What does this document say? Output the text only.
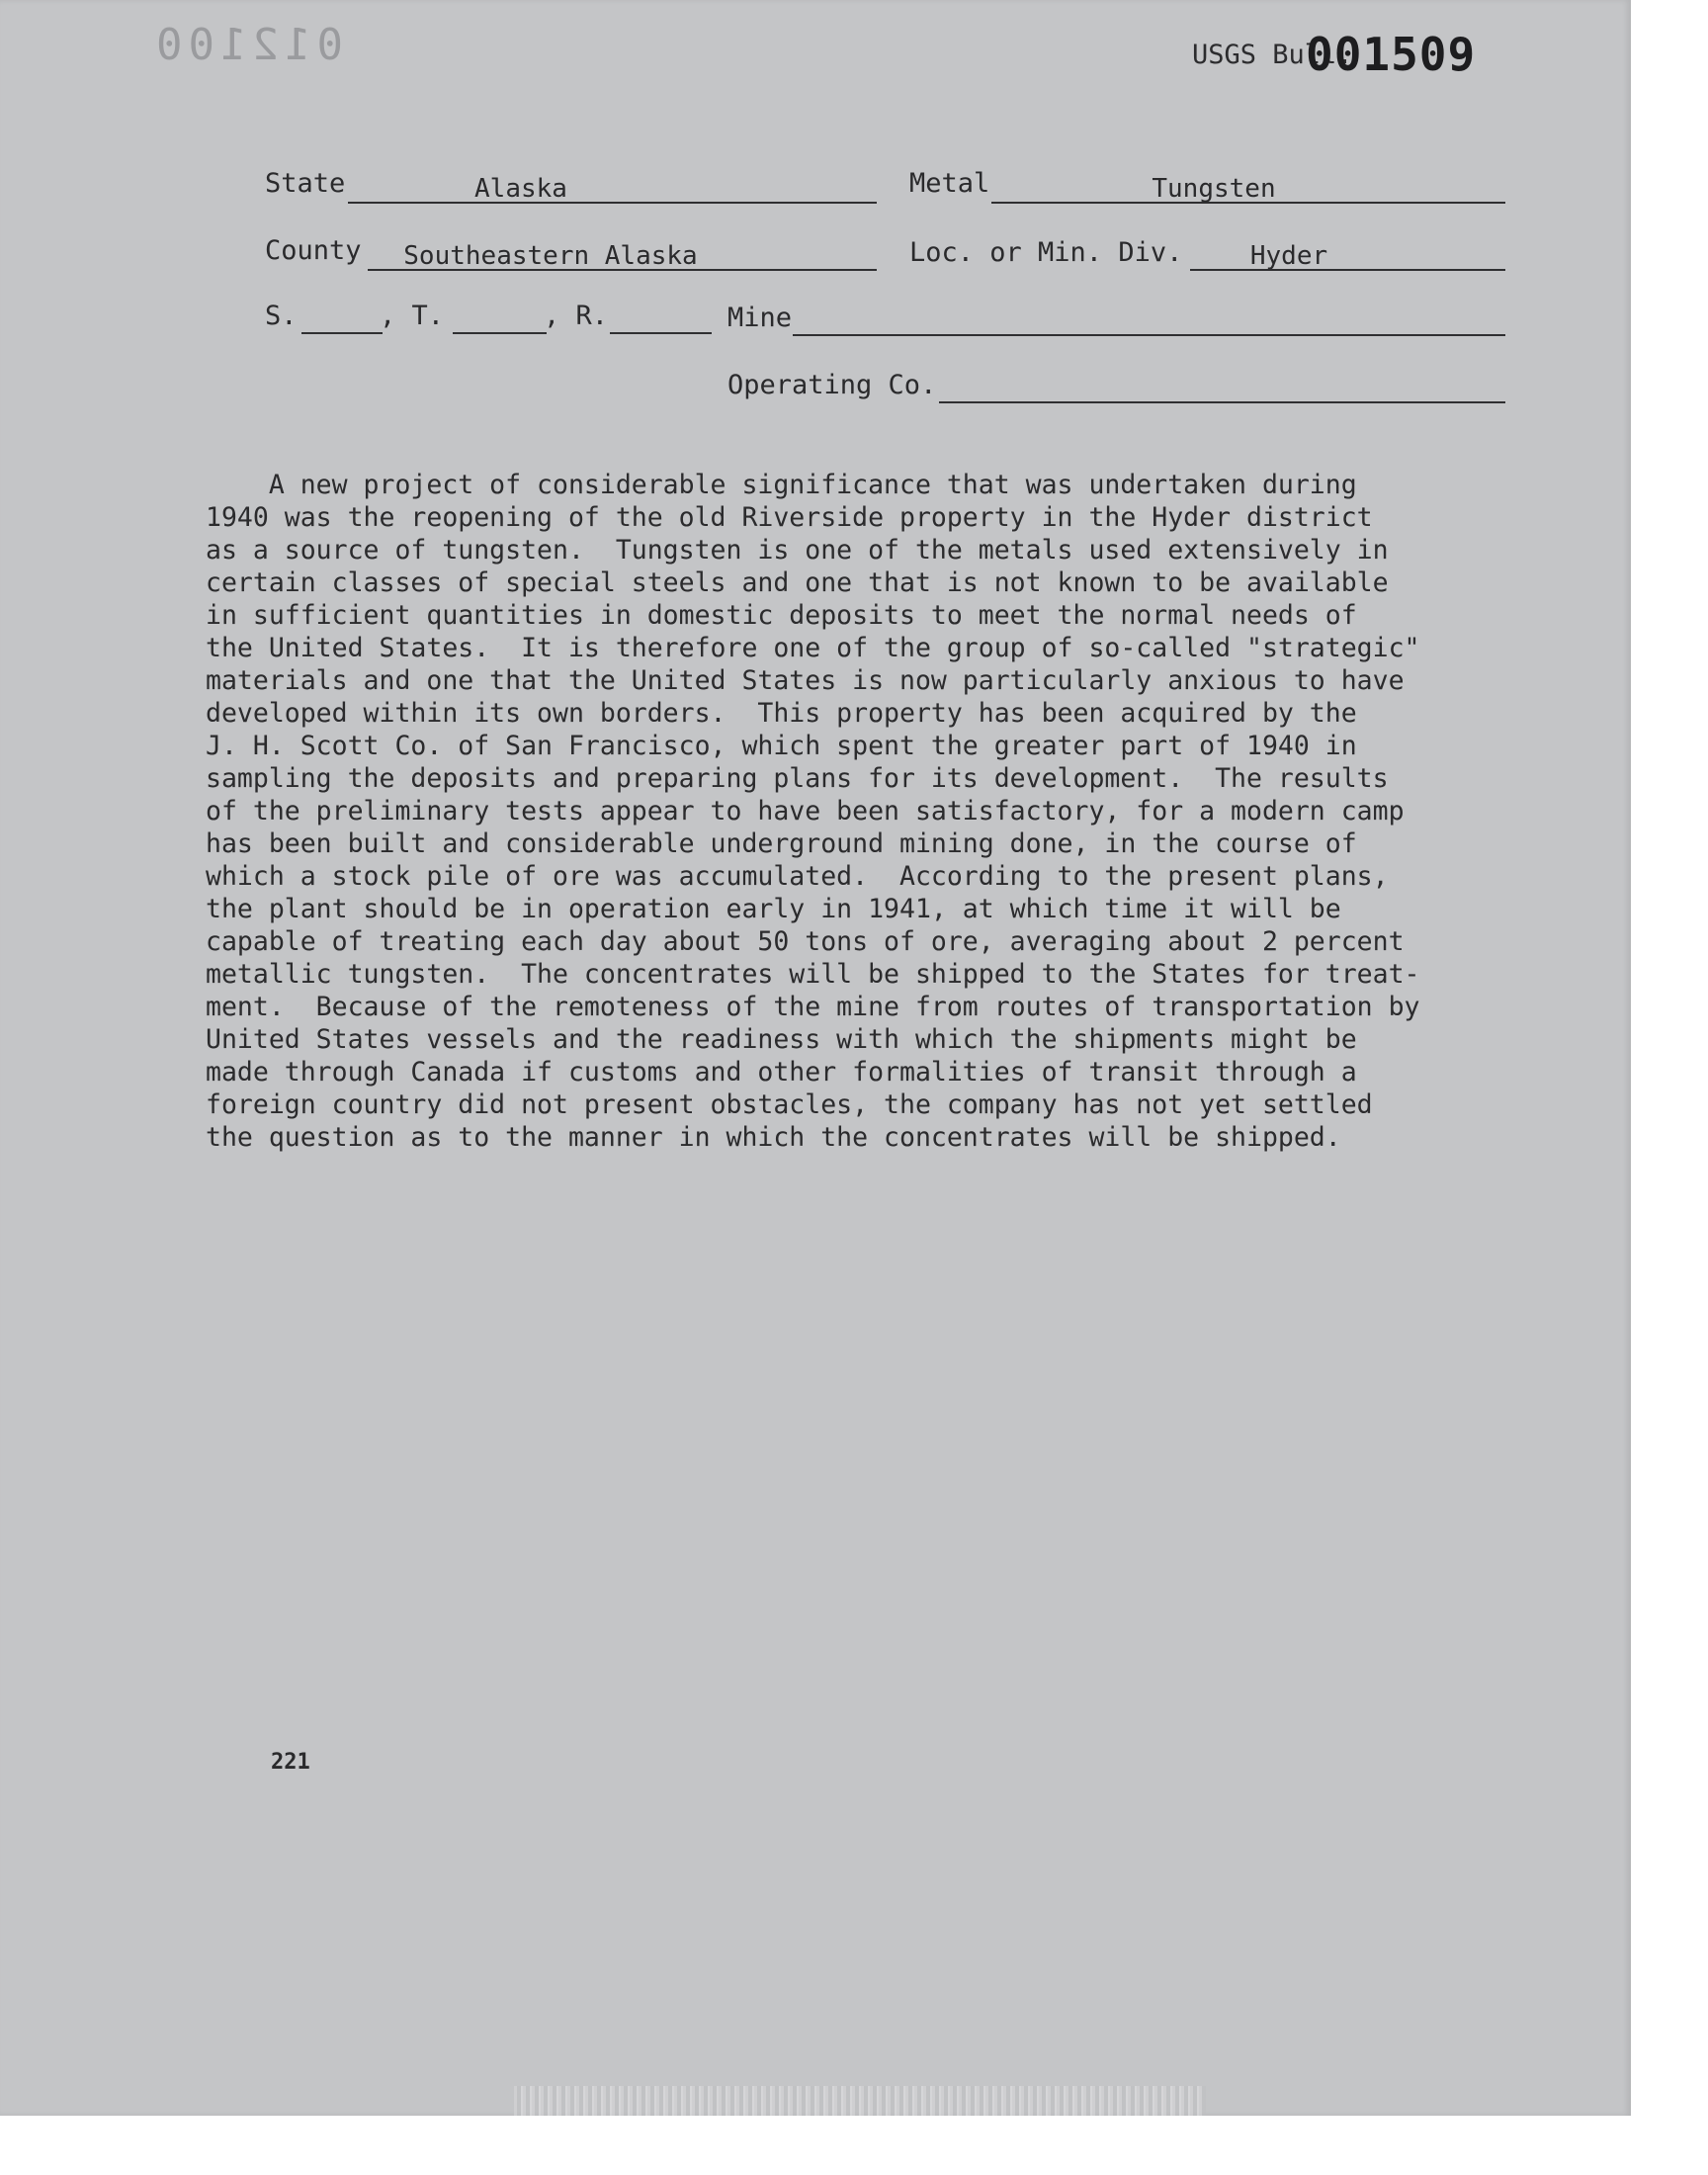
012100	USGS Bull.
001509
State	Alaska	Metal	Tungsten
County	Southeastern Alaska	Loc. or Min. Div.	Hyder
S.	, T.	, R.	Mine
Operating Co.

A new project of considerable significance that was undertaken during

1940 was the reopening of the old Riverside property in the Hyder district

as a source of tungsten.  Tungsten is one of the metals used extensively in

certain classes of special steels and one that is not known to be available

in sufficient quantities in domestic deposits to meet the normal needs of

the United States.  It is therefore one of the group of so-called "strategic"

materials and one that the United States is now particularly anxious to have

developed within its own borders.  This property has been acquired by the

J. H. Scott Co. of San Francisco, which spent the greater part of 1940 in

sampling the deposits and preparing plans for its development.  The results

of the preliminary tests appear to have been satisfactory, for a modern camp

has been built and considerable underground mining done, in the course of

which a stock pile of ore was accumulated.  According to the present plans,

the plant should be in operation early in 1941, at which time it will be

capable of treating each day about 50 tons of ore, averaging about 2 percent

metallic tungsten.  The concentrates will be shipped to the States for treat-

ment.  Because of the remoteness of the mine from routes of transportation by

United States vessels and the readiness with which the shipments might be

made through Canada if customs and other formalities of transit through a

foreign country did not present obstacles, the company has not yet settled

the question as to the manner in which the concentrates will be shipped.

221
